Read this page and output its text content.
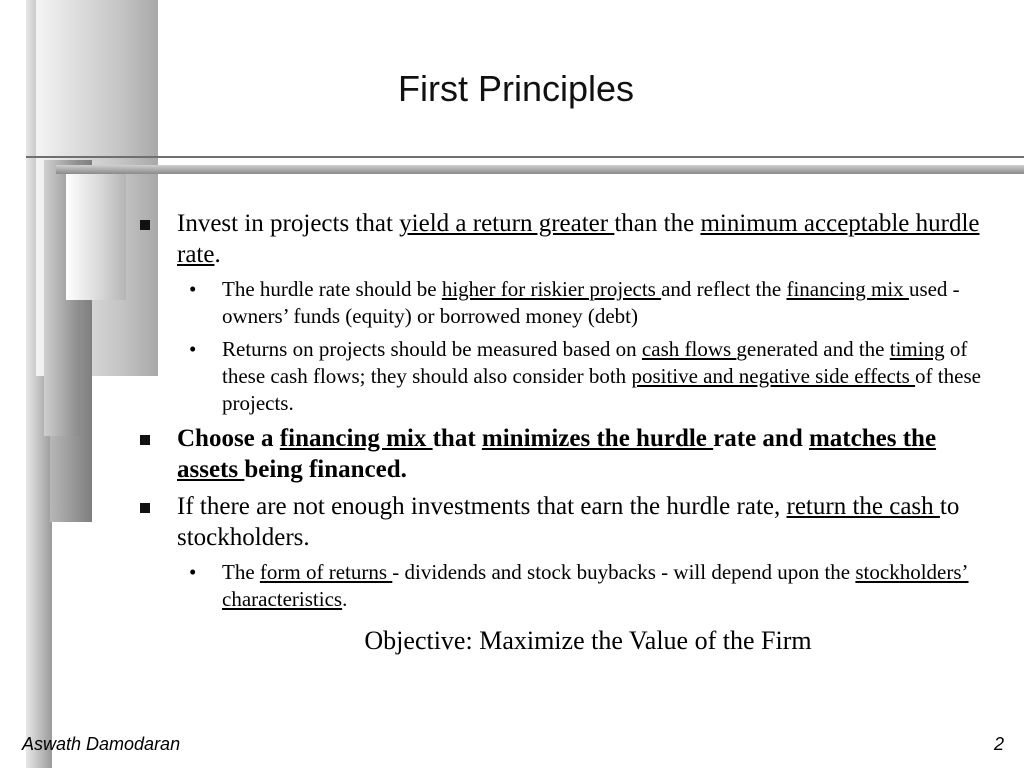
First Principles
Invest in projects that yield a return greater than the minimum acceptable hurdle rate.
• The hurdle rate should be higher for riskier projects and reflect the financing mix used - owners’ funds (equity) or borrowed money (debt)
• Returns on projects should be measured based on cash flows generated and the timing of these cash flows; they should also consider both positive and negative side effects of these projects.
Choose a financing mix that minimizes the hurdle rate and matches the assets being financed.
If there are not enough investments that earn the hurdle rate, return the cash to stockholders.
• The form of returns - dividends and stock buybacks - will depend upon the stockholders’ characteristics.
Objective: Maximize the Value of the Firm
Aswath Damodaran	2
